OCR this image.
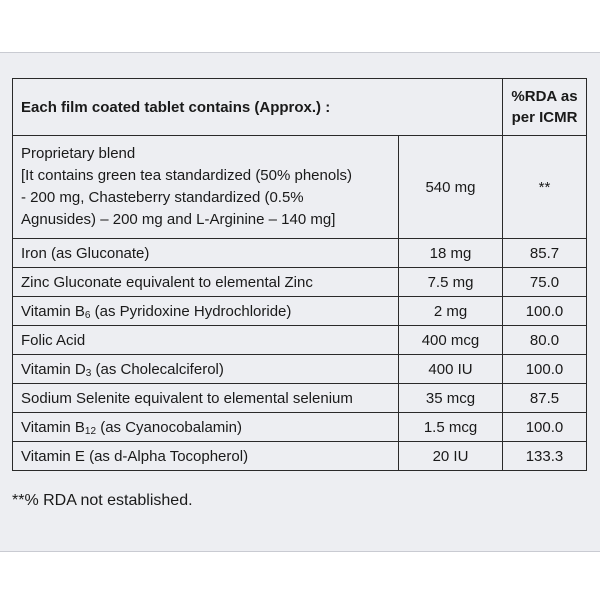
Each film coated tablet contains (Approx.) :		%RDA as
per ICMR
Proprietary blend
[It contains green tea standardized (50% phenols)
- 200 mg, Chasteberry standardized (0.5%
Agnusides) – 200 mg and L-Arginine – 140 mg]	540 mg	**
Iron (as Gluconate)	18 mg	85.7
Zinc Gluconate equivalent to elemental Zinc	7.5 mg	75.0
Vitamin $B_6$ (as Pyridoxine Hydrochloride)	2 mg	100.0
Folic Acid	400 mcg	80.0
Vitamin $D_3$ (as Cholecalciferol)	400 IU	100.0
Sodium Selenite equivalent to elemental selenium	35 mcg	87.5
Vitamin $B_{12}$ (as Cyanocobalamin)	1.5 mcg	100.0
Vitamin E (as d-Alpha Tocopherol)	20 IU	133.3
**% RDA not established.
